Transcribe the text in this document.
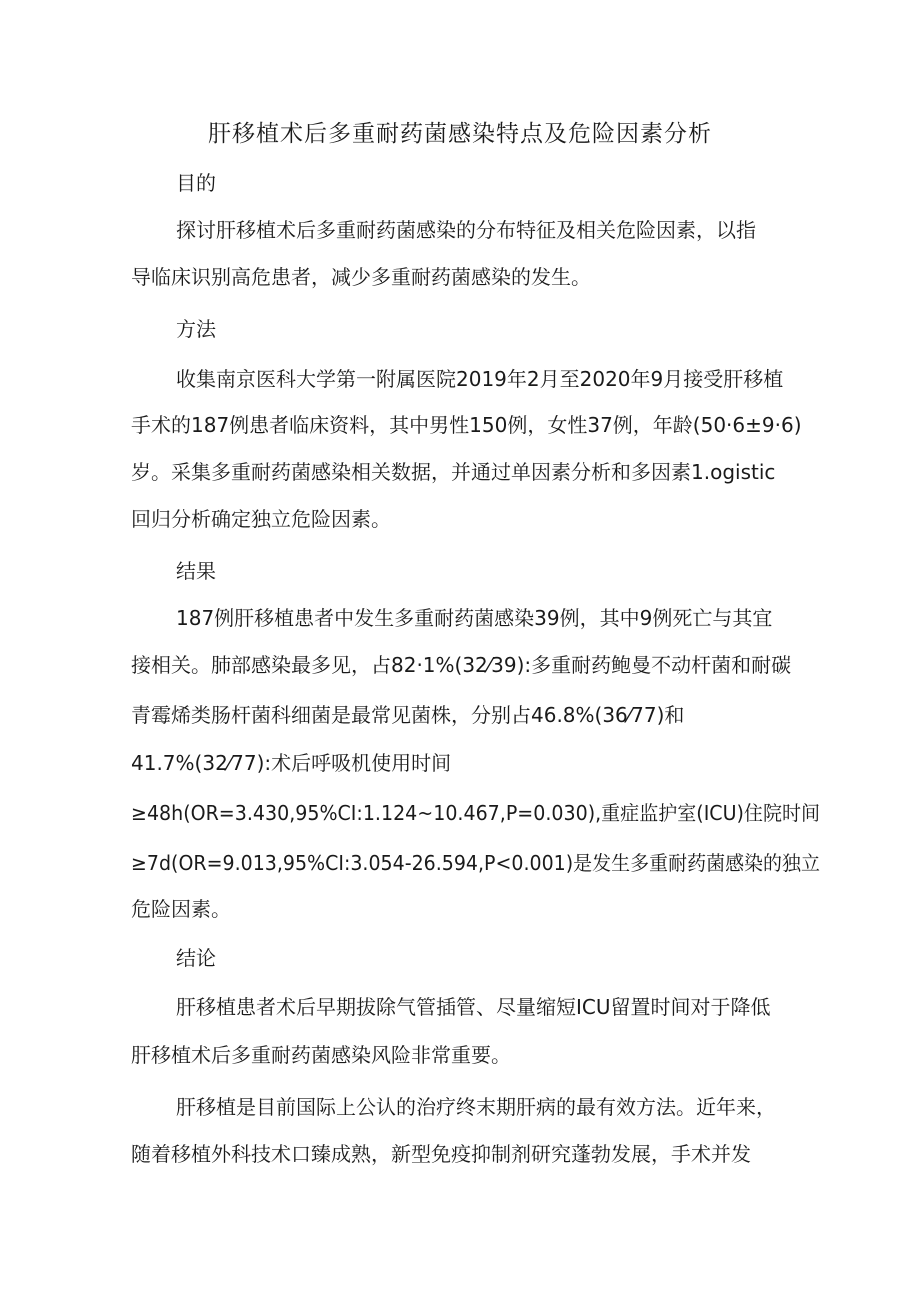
肝移植术后多重耐药菌感染特点及危险因素分析
目的
探讨肝移植术后多重耐药菌感染的分布特征及相关危险因素，以指
导临床识别高危患者，减少多重耐药菌感染的发生。
方法
收集南京医科大学第一附属医院2019年2月至2020年9月接受肝移植
手术的187例患者临床资料，其中男性150例，女性37例，年龄(50·6±9·6)
岁。采集多重耐药菌感染相关数据，并通过单因素分析和多因素1.ogistic
回归分析确定独立危险因素。
结果
187例肝移植患者中发生多重耐药菌感染39例，其中9例死亡与其宜
接相关。肺部感染最多见，占82·1%(32⁄39):多重耐药鲍曼不动杆菌和耐碳
青霉烯类肠杆菌科细菌是最常见菌株，分别占46.8%(36⁄77)和
41.7%(32⁄77):术后呼吸机使用时间
≥48h(OR=3.430,95%CI:1.124~10.467,P=0.030),重症监护室(ICU)住院时间
≥7d(OR=9.013,95%CI:3.054-26.594,P<0.001)是发生多重耐药菌感染的独立
危险因素。
结论
肝移植患者术后早期拔除气管插管、尽量缩短ICU留置时间对于降低
肝移植术后多重耐药菌感染风险非常重要。
肝移植是目前国际上公认的治疗终末期肝病的最有效方法。近年来，
随着移植外科技术口臻成熟，新型免疫抑制剂研究蓬勃发展，手术并发
